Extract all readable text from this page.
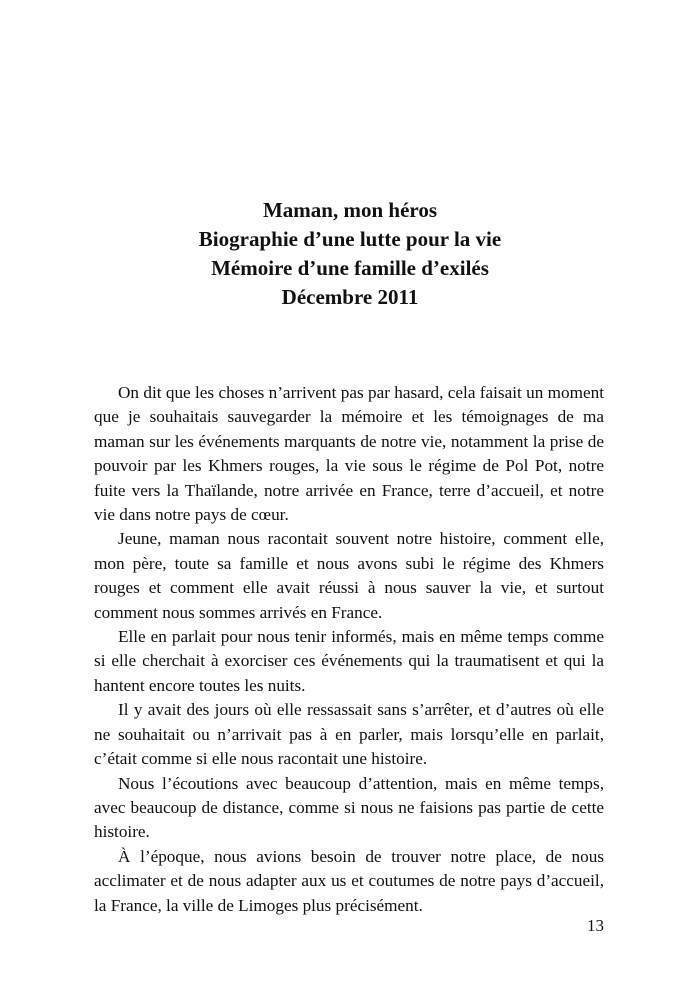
Maman, mon héros

Biographie d’une lutte pour la vie

Mémoire d’une famille d’exilés

Décembre 2011

On dit que les choses n’arrivent pas par hasard, cela faisait un moment que je souhaitais sauvegarder la mémoire et les témoignages de ma maman sur les événements marquants de notre vie, notamment la prise de pouvoir par les Khmers rouges, la vie sous le régime de Pol Pot, notre fuite vers la Thaïlande, notre arrivée en France, terre d’accueil, et notre vie dans notre pays de cœur.

Jeune, maman nous racontait souvent notre histoire, comment elle, mon père, toute sa famille et nous avons subi le régime des Khmers rouges et comment elle avait réussi à nous sauver la vie, et surtout comment nous sommes arrivés en France.

Elle en parlait pour nous tenir informés, mais en même temps comme si elle cherchait à exorciser ces événements qui la traumatisent et qui la hantent encore toutes les nuits.

Il y avait des jours où elle ressassait sans s’arrêter, et d’autres où elle ne souhaitait ou n’arrivait pas à en parler, mais lorsqu’elle en parlait, c’était comme si elle nous racontait une histoire.

Nous l’écoutions avec beaucoup d’attention, mais en même temps, avec beaucoup de distance, comme si nous ne faisions pas partie de cette histoire.

À l’époque, nous avions besoin de trouver notre place, de nous acclimater et de nous adapter aux us et coutumes de notre pays d’accueil, la France, la ville de Limoges plus précisément.

13
